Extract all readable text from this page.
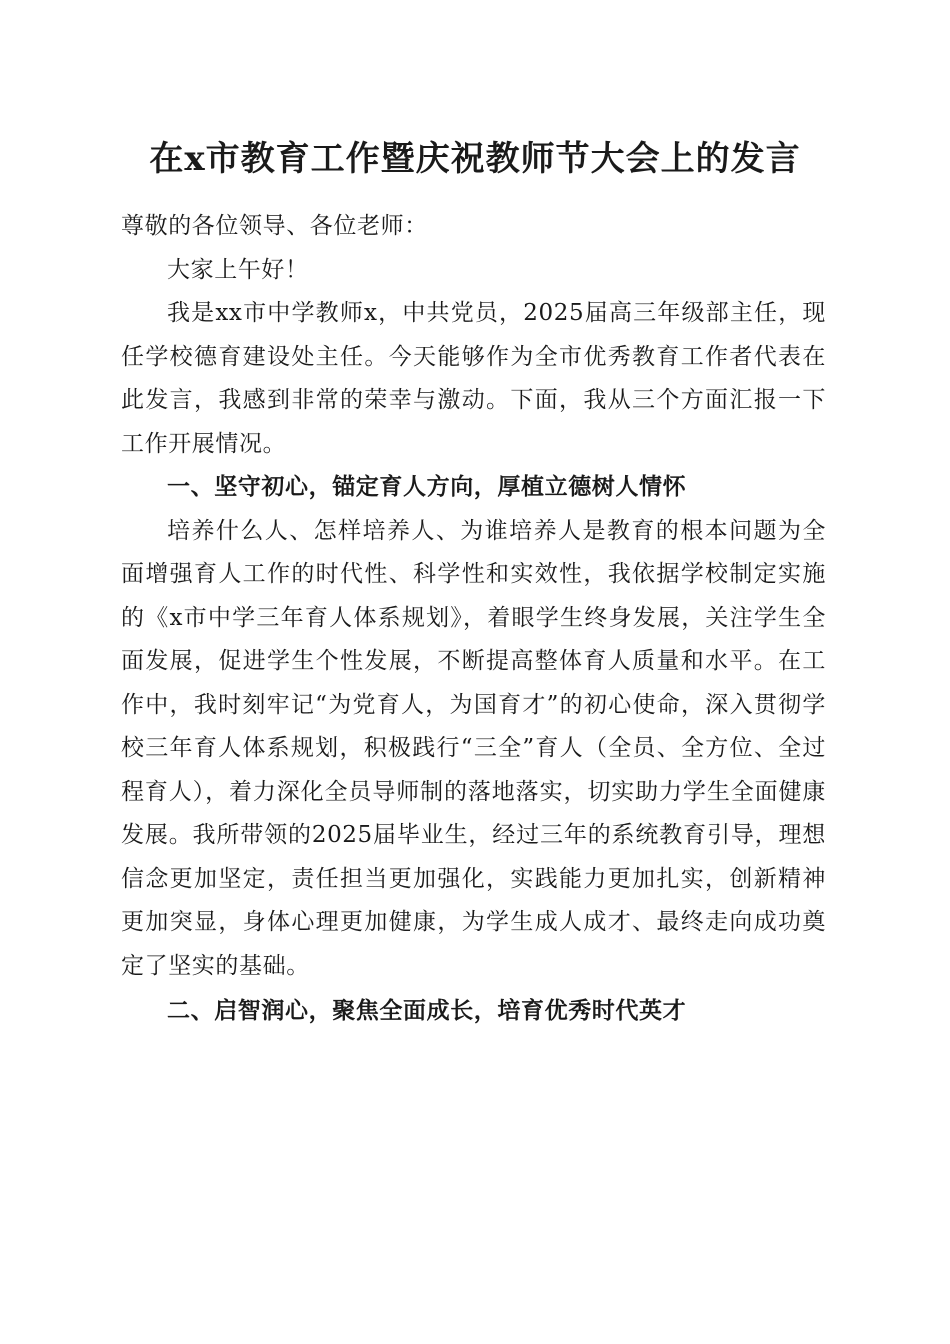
在x市教育工作暨庆祝教师节大会上的发言

尊敬的各位领导、各位老师：

大家上午好！

我是xx市中学教师x，中共党员，2025届高三年级部主任，现任学校德育建设处主任。今天能够作为全市优秀教育工作者代表在此发言，我感到非常的荣幸与激动。下面，我从三个方面汇报一下工作开展情况。

一、坚守初心，锚定育人方向，厚植立德树人情怀

培养什么人、怎样培养人、为谁培养人是教育的根本问题为全面增强育人工作的时代性、科学性和实效性，我依据学校制定实施的《x市中学三年育人体系规划》，着眼学生终身发展，关注学生全面发展，促进学生个性发展，不断提高整体育人质量和水平。在工作中，我时刻牢记“为党育人，为国育才”的初心使命，深入贯彻学校三年育人体系规划，积极践行“三全”育人（全员、全方位、全过程育人），着力深化全员导师制的落地落实，切实助力学生全面健康发展。我所带领的2025届毕业生，经过三年的系统教育引导，理想信念更加坚定，责任担当更加强化，实践能力更加扎实，创新精神更加突显，身体心理更加健康，为学生成人成才、最终走向成功奠定了坚实的基础。

二、启智润心，聚焦全面成长，培育优秀时代英才
